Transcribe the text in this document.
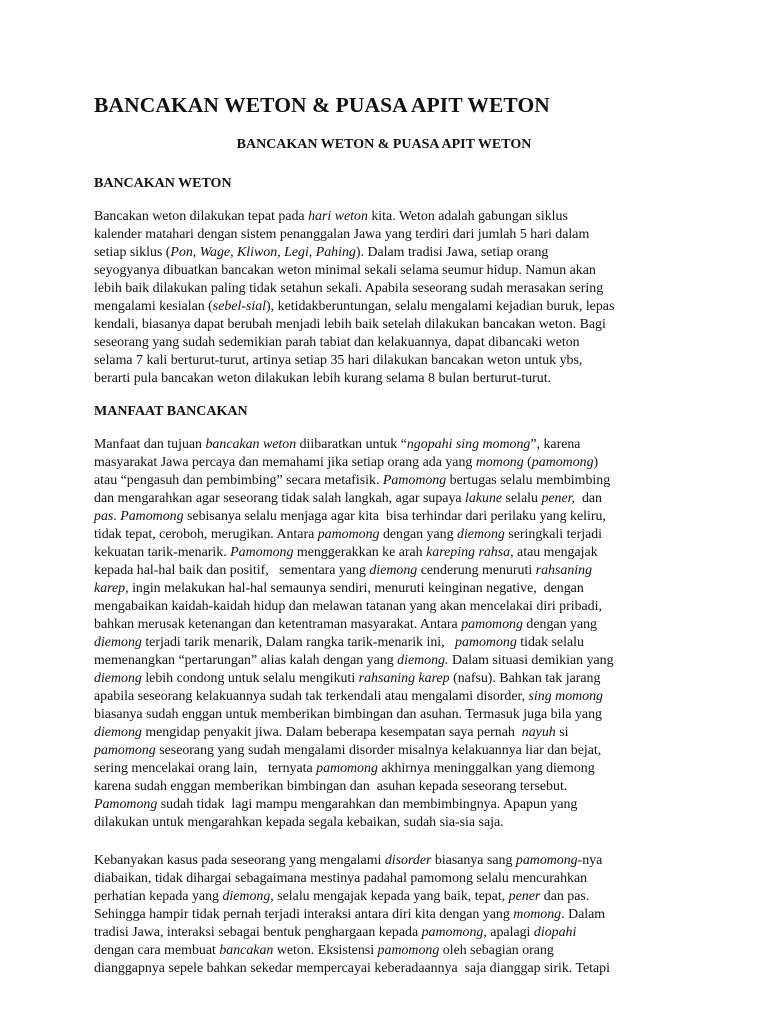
BANCAKAN WETON & PUASA APIT WETON
BANCAKAN WETON & PUASA APIT WETON
BANCAKAN WETON
Bancakan weton dilakukan tepat pada hari weton kita. Weton adalah gabungan siklus
kalender matahari dengan sistem penanggalan Jawa yang terdiri dari jumlah 5 hari dalam
setiap siklus (Pon, Wage, Kliwon, Legi, Pahing). Dalam tradisi Jawa, setiap orang
seyogyanya dibuatkan bancakan weton minimal sekali selama seumur hidup. Namun akan
lebih baik dilakukan paling tidak setahun sekali. Apabila seseorang sudah merasakan sering
mengalami kesialan (sebel-sial), ketidakberuntungan, selalu mengalami kejadian buruk, lepas
kendali, biasanya dapat berubah menjadi lebih baik setelah dilakukan bancakan weton. Bagi
seseorang yang sudah sedemikian parah tabiat dan kelakuannya, dapat dibancaki weton
selama 7 kali berturut-turut, artinya setiap 35 hari dilakukan bancakan weton untuk ybs,
berarti pula bancakan weton dilakukan lebih kurang selama 8 bulan berturut-turut.
MANFAAT BANCAKAN
Manfaat dan tujuan bancakan weton diibaratkan untuk “ngopahi sing momong”, karena
masyarakat Jawa percaya dan memahami jika setiap orang ada yang momong (pamomong)
atau “pengasuh dan pembimbing” secara metafisik. Pamomong bertugas selalu membimbing
dan mengarahkan agar seseorang tidak salah langkah, agar supaya lakune selalu pener,  dan
pas. Pamomong sebisanya selalu menjaga agar kita  bisa terhindar dari perilaku yang keliru,
tidak tepat, ceroboh, merugikan. Antara pamomong dengan yang diemong seringkali terjadi
kekuatan tarik-menarik. Pamomong menggerakkan ke arah kareping rahsa, atau mengajak
kepada hal-hal baik dan positif,   sementara yang diemong cenderung menuruti rahsaning
karep, ingin melakukan hal-hal semaunya sendiri, menuruti keinginan negative,  dengan
mengabaikan kaidah-kaidah hidup dan melawan tatanan yang akan mencelakai diri pribadi,
bahkan merusak ketenangan dan ketentraman masyarakat. Antara pamomong dengan yang
diemong terjadi tarik menarik, Dalam rangka tarik-menarik ini,   pamomong tidak selalu
memenangkan “pertarungan” alias kalah dengan yang diemong. Dalam situasi demikian yang
diemong lebih condong untuk selalu mengikuti rahsaning karep (nafsu). Bahkan tak jarang
apabila seseorang kelakuannya sudah tak terkendali atau mengalami disorder, sing momong
biasanya sudah enggan untuk memberikan bimbingan dan asuhan. Termasuk juga bila yang
diemong mengidap penyakit jiwa. Dalam beberapa kesempatan saya pernah  nayuh si
pamomong seseorang yang sudah mengalami disorder misalnya kelakuannya liar dan bejat,
sering mencelakai orang lain,   ternyata pamomong akhirnya meninggalkan yang diemong
karena sudah enggan memberikan bimbingan dan  asuhan kepada seseorang tersebut.
Pamomong sudah tidak  lagi mampu mengarahkan dan membimbingnya. Apapun yang
dilakukan untuk mengarahkan kepada segala kebaikan, sudah sia-sia saja.
Kebanyakan kasus pada seseorang yang mengalami disorder biasanya sang pamomong-nya
diabaikan, tidak dihargai sebagaimana mestinya padahal pamomong selalu mencurahkan
perhatian kepada yang diemong, selalu mengajak kepada yang baik, tepat, pener dan pas.
Sehingga hampir tidak pernah terjadi interaksi antara diri kita dengan yang momong. Dalam
tradisi Jawa, interaksi sebagai bentuk penghargaan kepada pamomong, apalagi diopahi
dengan cara membuat bancakan weton. Eksistensi pamomong oleh sebagian orang
dianggapnya sepele bahkan sekedar mempercayai keberadaannya  saja dianggap sirik. Tetapi
